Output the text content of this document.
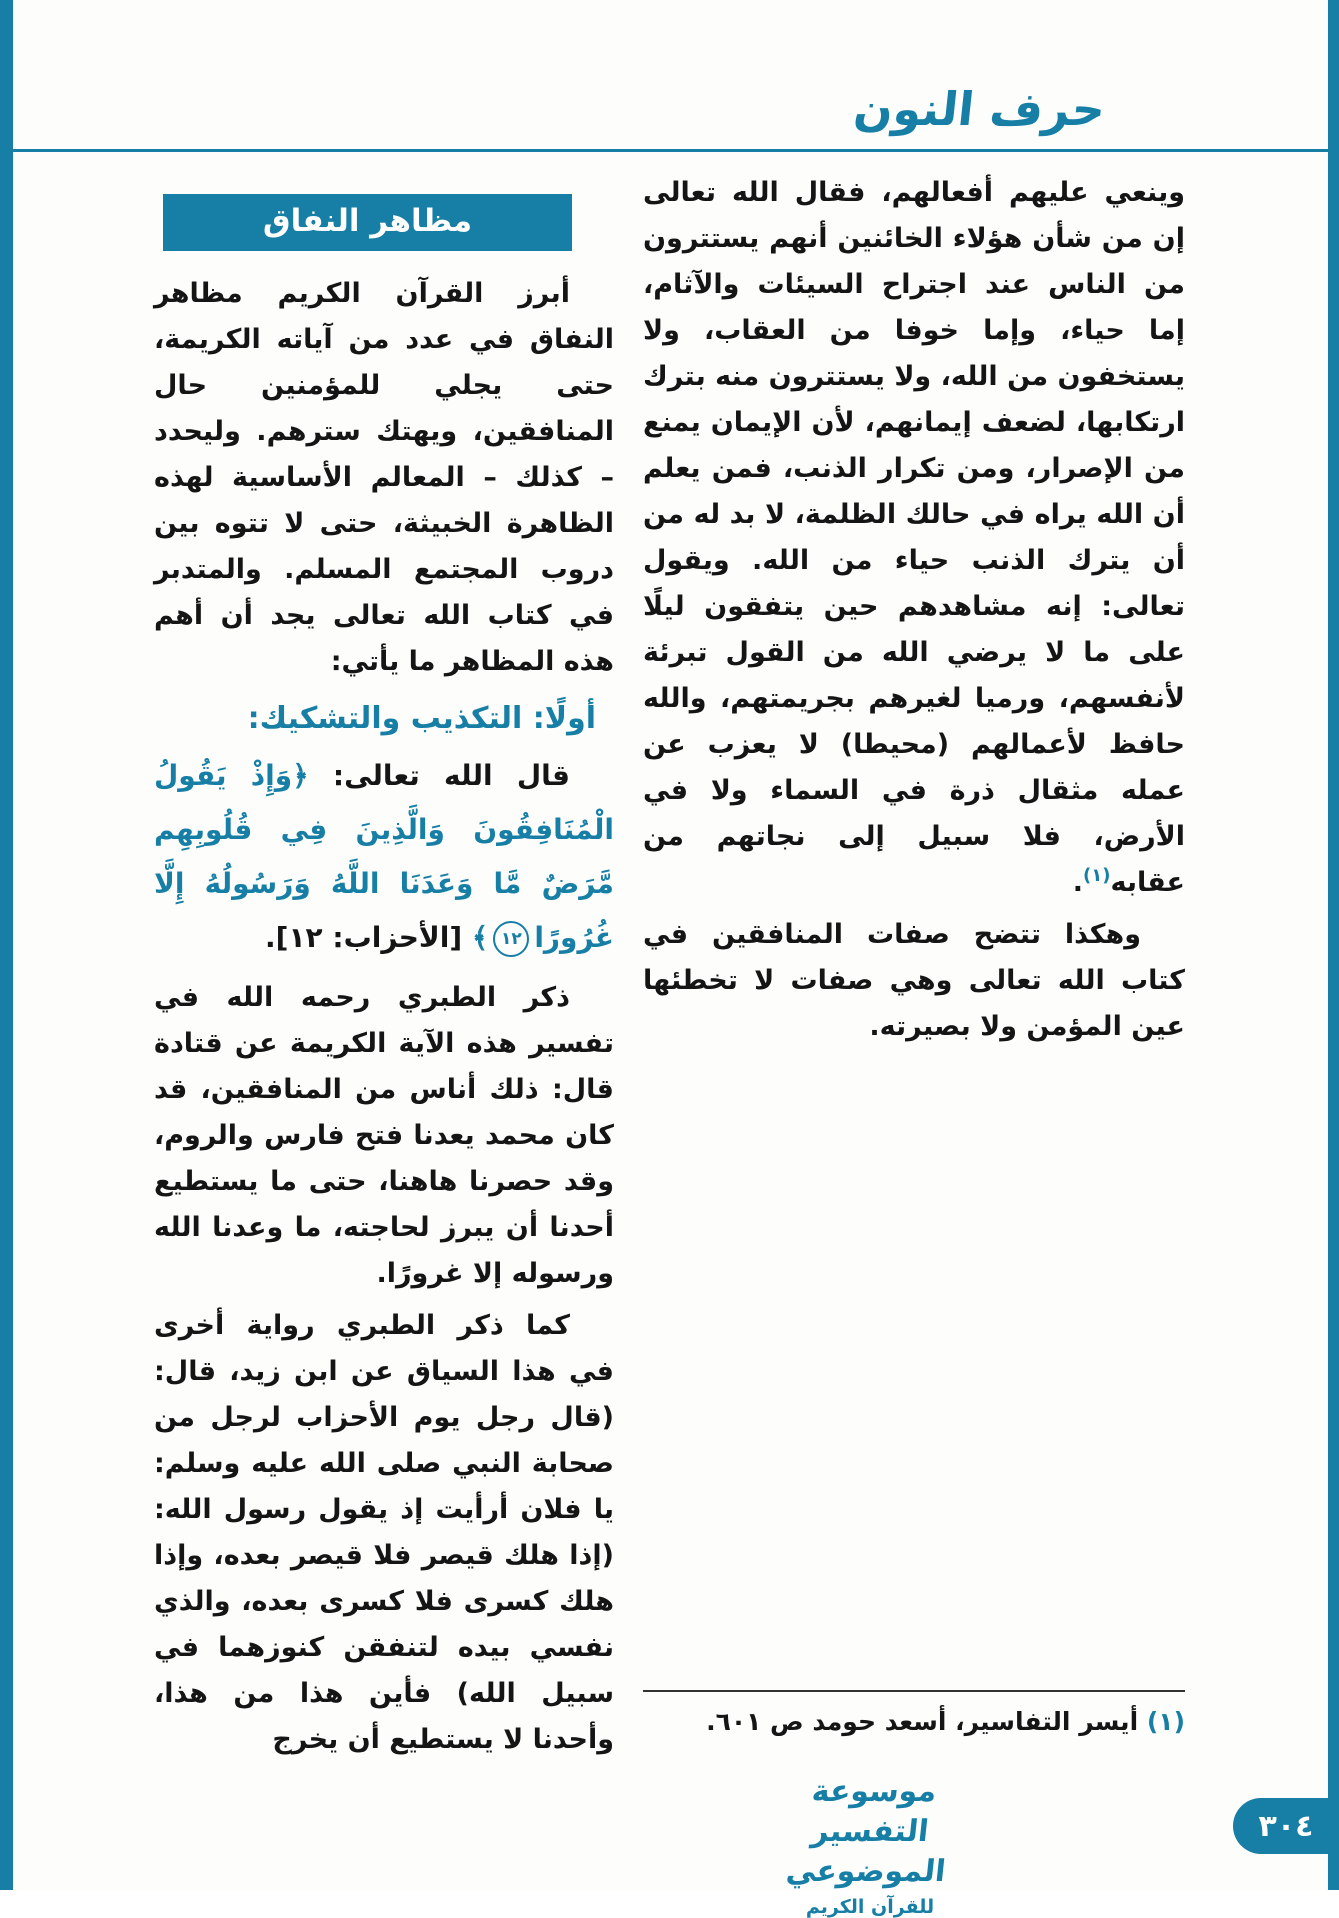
حرف النون

وينعي عليهم أفعالهم، فقال الله تعالى إن من شأن هؤلاء الخائنين أنهم يستترون من الناس عند اجتراح السيئات والآثام، إما حياء، وإما خوفا من العقاب، ولا يستخفون من الله، ولا يستترون منه بترك ارتكابها، لضعف إيمانهم، لأن الإيمان يمنع من الإصرار، ومن تكرار الذنب، فمن يعلم أن الله يراه في حالك الظلمة، لا بد له من أن يترك الذنب حياء من الله. ويقول تعالى: إنه مشاهدهم حين يتفقون ليلًا على ما لا يرضي الله من القول تبرئة لأنفسهم، ورميا لغيرهم بجريمتهم، والله حافظ لأعمالهم (محيطا) لا يعزب عن عمله مثقال ذرة في السماء ولا في الأرض، فلا سبيل إلى نجاتهم من عقابه$^{(١)}$.

وهكذا تتضح صفات المنافقين في كتاب الله تعالى وهي صفات لا تخطئها عين المؤمن ولا بصيرته.

مظاهر النفاق

أبرز القرآن الكريم مظاهر النفاق في عدد من آياته الكريمة، حتى يجلي للمؤمنين حال المنافقين، ويهتك سترهم. وليحدد – كذلك – المعالم الأساسية لهذه الظاهرة الخبيثة، حتى لا تتوه بين دروب المجتمع المسلم. والمتدبر في كتاب الله تعالى يجد أن أهم هذه المظاهر ما يأتي:

أولًا: التكذيب والتشكيك:

قال الله تعالى: ﴿وَإِذْ يَقُولُ الْمُنَافِقُونَ وَالَّذِينَ فِي قُلُوبِهِم مَّرَضٌ مَّا وَعَدَنَا اللَّهُ وَرَسُولُهُ إِلَّا غُرُورًا١٢﴾ [الأحزاب: ١٢].

ذكر الطبري رحمه الله في تفسير هذه الآية الكريمة عن قتادة قال: ذلك أناس من المنافقين، قد كان محمد يعدنا فتح فارس والروم، وقد حصرنا هاهنا، حتى ما يستطيع أحدنا أن يبرز لحاجته، ما وعدنا الله ورسوله إلا غرورًا.

كما ذكر الطبري رواية أخرى في هذا السياق عن ابن زيد، قال: (قال رجل يوم الأحزاب لرجل من صحابة النبي صلى الله عليه وسلم: يا فلان أرأيت إذ يقول رسول الله: (إذا هلك قيصر فلا قيصر بعده، وإذا هلك كسرى فلا كسرى بعده، والذي نفسي بيده لتنفقن كنوزهما في سبيل الله) فأين هذا من هذا، وأحدنا لا يستطيع أن يخرج

(١) أيسر التفاسير، أسعد حومد ص ٦٠١.

موسوعة التفسير الموضوعي
للقرآن الكريم
٣٠٤
